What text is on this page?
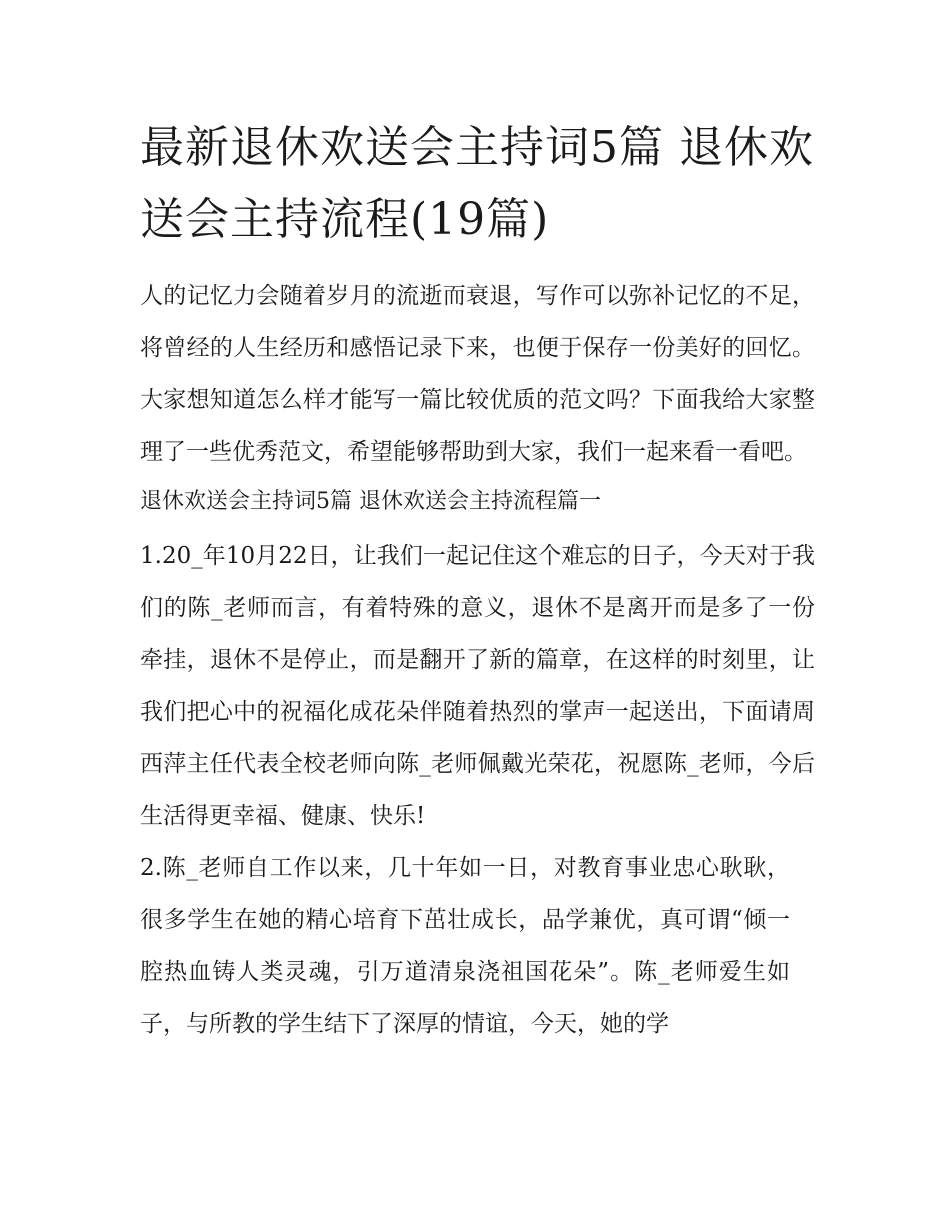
最新退休欢送会主持词5篇 退休欢送会主持流程(19篇)

人的记忆力会随着岁月的流逝而衰退，写作可以弥补记忆的不足，将曾经的人生经历和感悟记录下来，也便于保存一份美好的回忆。大家想知道怎么样才能写一篇比较优质的范文吗？下面我给大家整理了一些优秀范文，希望能够帮助到大家，我们一起来看一看吧。

退休欢送会主持词5篇 退休欢送会主持流程篇一

1.20_年10月22日，让我们一起记住这个难忘的日子，今天对于我们的陈_老师而言，有着特殊的意义，退休不是离开而是多了一份牵挂，退休不是停止，而是翻开了新的篇章，在这样的时刻里，让我们把心中的祝福化成花朵伴随着热烈的掌声一起送出，下面请周西萍主任代表全校老师向陈_老师佩戴光荣花，祝愿陈_老师，今后生活得更幸福、健康、快乐!

2.陈_老师自工作以来，几十年如一日，对教育事业忠心耿耿，很多学生在她的精心培育下茁壮成长，品学兼优，真可谓“倾一腔热血铸人类灵魂，引万道清泉浇祖国花朵”。陈_老师爱生如子，与所教的学生结下了深厚的情谊，今天，她的学
